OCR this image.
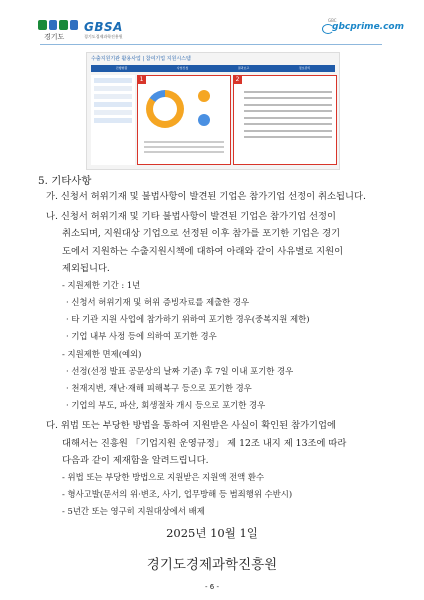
경기도
GBSA
경기도경제과학진흥원
GBC
gbcprime.com
수출지원기관 활용사업 | 참여기업 지원시스템
진행현황	사업신청	결과보고	정보관리
1	2
5. 기타사항
가. 신청서 허위기재 및 불법사항이 발견된 기업은 참가기업 선정이 취소됩니다.
나. 신청서 허위기재 및 기타 불법사항이 발견된 기업은 참가기업 선정이
취소되며, 지원대상 기업으로 선정된 이후 참가를 포기한 기업은 경기
도에서 지원하는 수출지원시책에 대하여 아래와 같이 사유별로 지원이
제외됩니다.
- 지원제한 기간 : 1년
· 신청서 허위기재 및 허위 증빙자료를 제출한 경우
· 타 기관 지원 사업에 참가하기 위하여 포기한 경우(중복지원 제한)
· 기업 내부 사정 등에 의하여 포기한 경우
- 지원제한 면제(예외)
· 선정(선정 발표 공문상의 날짜 기준) 후 7일 이내 포기한 경우
· 천재지변, 재난·재해 피해복구 등으로 포기한 경우
· 기업의 부도, 파산, 회생절차 개시 등으로 포기한 경우
다. 위법 또는 부당한 방법을 통하여 지원받은 사실이 확인된 참가기업에
대해서는 진흥원 「기업지원 운영규정」 제 12조 내지 제 13조에 따라
다음과 같이 제재함을 알려드립니다.
- 위법 또는 부당한 방법으로 지원받은 지원액 전액 환수
- 형사고발(문서의 위·변조, 사기, 업무방해 등 범죄행위 수반시)
- 5년간 또는 영구히 지원대상에서 배제
2025년 10월 1일
경기도경제과학진흥원
- 6 -
